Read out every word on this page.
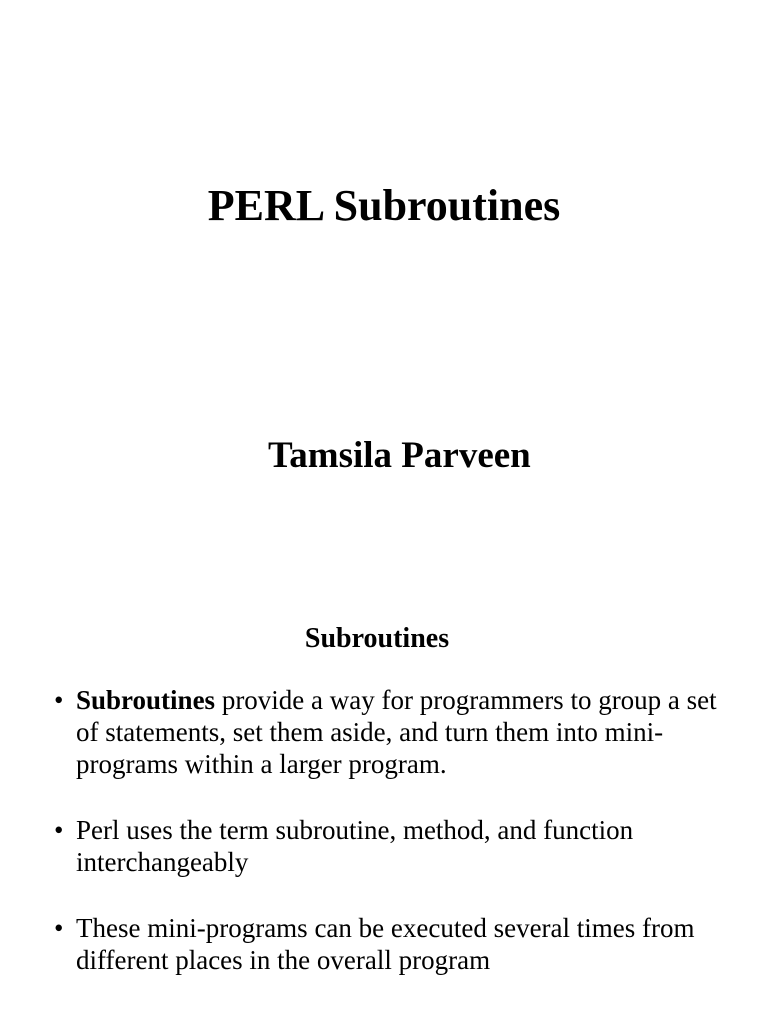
PERL Subroutines
Tamsila Parveen
Subroutines
• Subroutines provide a way for programmers to group a set of statements, set them aside, and turn them into mini-programs within a larger program.
• Perl uses the term subroutine, method, and function interchangeably
• These mini-programs can be executed several times from different places in the overall program
